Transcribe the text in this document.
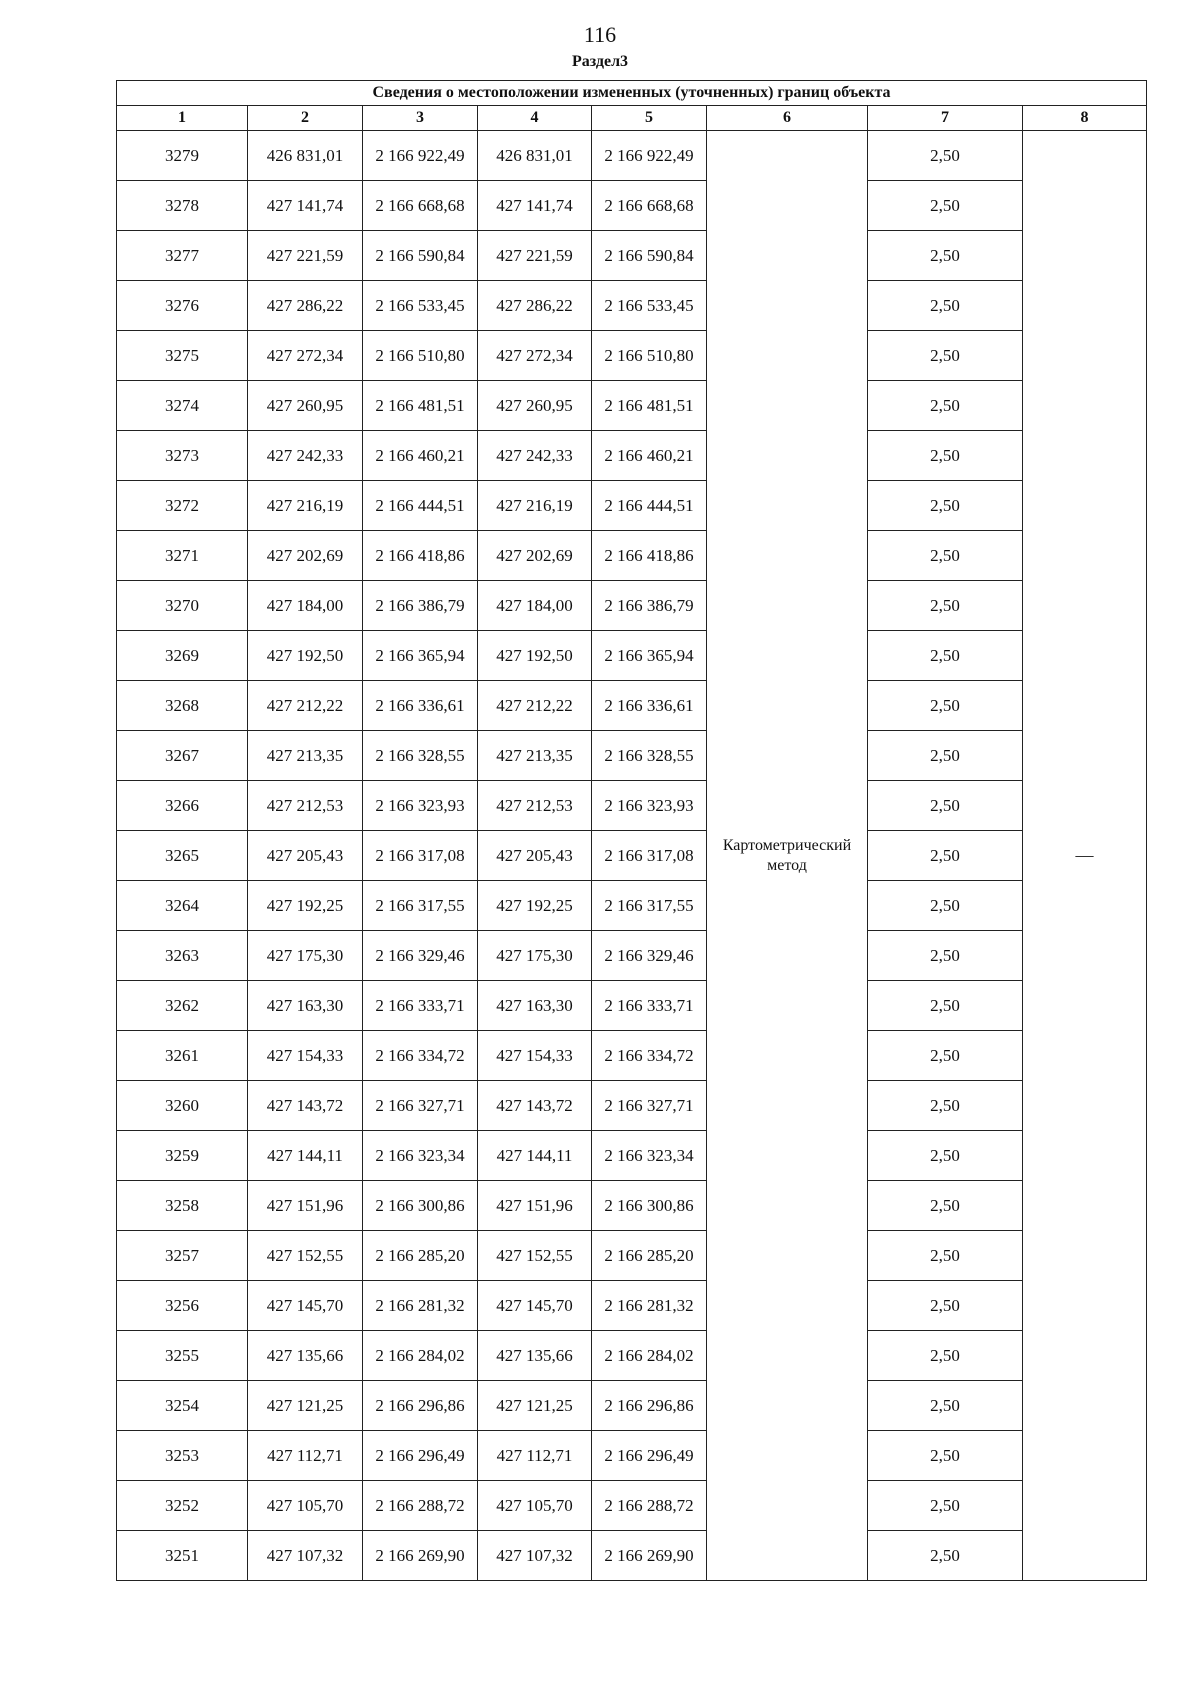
116
Раздел3
Сведения о местоположении измененных (уточненных) границ объекта							
1	2	3	4	5	6	7	8
3279	426 831,01	2 166 922,49	426 831,01	2 166 922,49	Картометрический метод	2,50	—
3278	427 141,74	2 166 668,68	427 141,74	2 166 668,68		2,50	
3277	427 221,59	2 166 590,84	427 221,59	2 166 590,84		2,50	
3276	427 286,22	2 166 533,45	427 286,22	2 166 533,45		2,50	
3275	427 272,34	2 166 510,80	427 272,34	2 166 510,80		2,50	
3274	427 260,95	2 166 481,51	427 260,95	2 166 481,51		2,50	
3273	427 242,33	2 166 460,21	427 242,33	2 166 460,21		2,50	
3272	427 216,19	2 166 444,51	427 216,19	2 166 444,51		2,50	
3271	427 202,69	2 166 418,86	427 202,69	2 166 418,86		2,50	
3270	427 184,00	2 166 386,79	427 184,00	2 166 386,79		2,50	
3269	427 192,50	2 166 365,94	427 192,50	2 166 365,94		2,50	
3268	427 212,22	2 166 336,61	427 212,22	2 166 336,61		2,50	
3267	427 213,35	2 166 328,55	427 213,35	2 166 328,55		2,50	
3266	427 212,53	2 166 323,93	427 212,53	2 166 323,93		2,50	
3265	427 205,43	2 166 317,08	427 205,43	2 166 317,08		2,50	
3264	427 192,25	2 166 317,55	427 192,25	2 166 317,55		2,50	
3263	427 175,30	2 166 329,46	427 175,30	2 166 329,46		2,50	
3262	427 163,30	2 166 333,71	427 163,30	2 166 333,71		2,50	
3261	427 154,33	2 166 334,72	427 154,33	2 166 334,72		2,50	
3260	427 143,72	2 166 327,71	427 143,72	2 166 327,71		2,50	
3259	427 144,11	2 166 323,34	427 144,11	2 166 323,34		2,50	
3258	427 151,96	2 166 300,86	427 151,96	2 166 300,86		2,50	
3257	427 152,55	2 166 285,20	427 152,55	2 166 285,20		2,50	
3256	427 145,70	2 166 281,32	427 145,70	2 166 281,32		2,50	
3255	427 135,66	2 166 284,02	427 135,66	2 166 284,02		2,50	
3254	427 121,25	2 166 296,86	427 121,25	2 166 296,86		2,50	
3253	427 112,71	2 166 296,49	427 112,71	2 166 296,49		2,50	
3252	427 105,70	2 166 288,72	427 105,70	2 166 288,72		2,50	
3251	427 107,32	2 166 269,90	427 107,32	2 166 269,90		2,50	
